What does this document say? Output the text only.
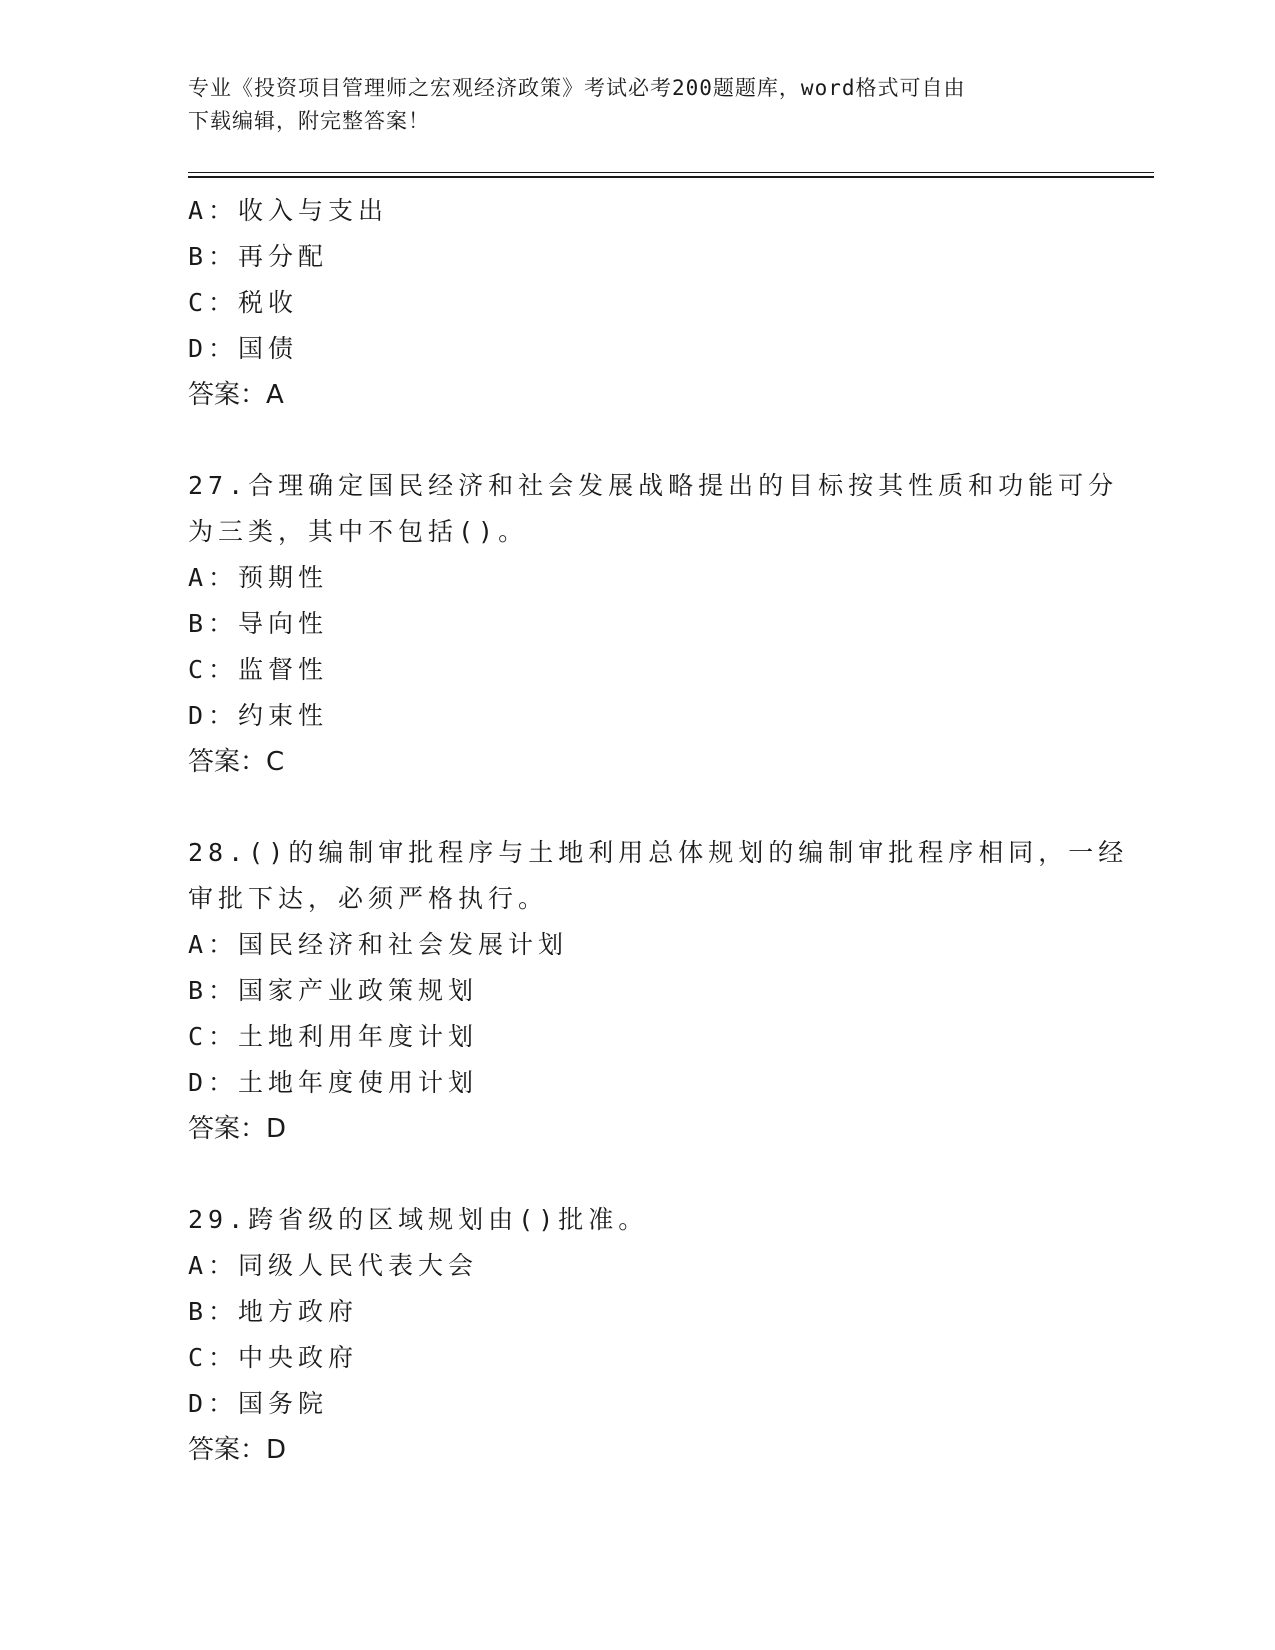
专业《投资项目管理师之宏观经济政策》考试必考200题题库，word格式可自由
下载编辑，附完整答案！
A：收入与支出
B：再分配
C：税收
D：国债
答案：A
27.合理确定国民经济和社会发展战略提出的目标按其性质和功能可分
为三类，其中不包括()。
A：预期性
B：导向性
C：监督性
D：约束性
答案：C
28.()的编制审批程序与土地利用总体规划的编制审批程序相同，一经
审批下达，必须严格执行。
A：国民经济和社会发展计划
B：国家产业政策规划
C：土地利用年度计划
D：土地年度使用计划
答案：D
29.跨省级的区域规划由()批准。
A：同级人民代表大会
B：地方政府
C：中央政府
D：国务院
答案：D
